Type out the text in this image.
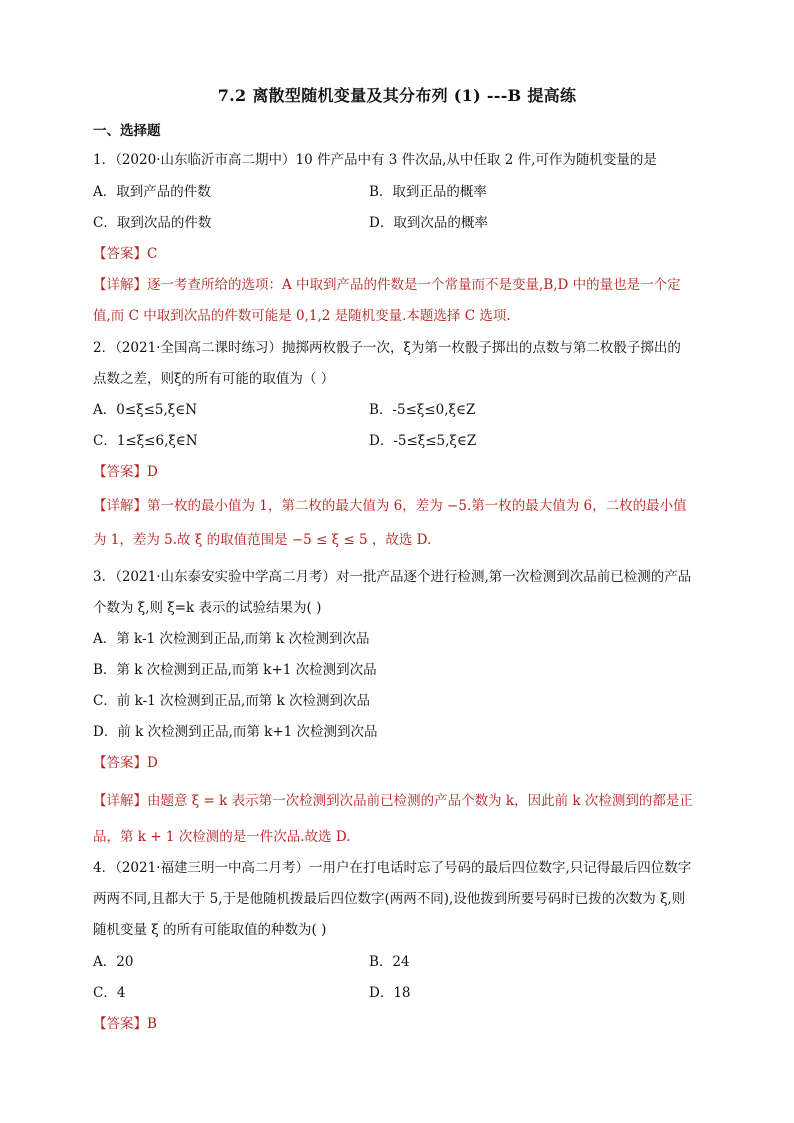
7.2 离散型随机变量及其分布列 (1) ---B 提高练
一、选择题
1．（2020·山东临沂市高二期中）10 件产品中有 3 件次品,从中任取 2 件,可作为随机变量的是
A．取到产品的件数	B．取到正品的概率
C．取到次品的件数	D．取到次品的概率
【答案】C
【详解】逐一考查所给的选项：A 中取到产品的件数是一个常量而不是变量,B,D 中的量也是一个定
值,而 C 中取到次品的件数可能是 0,1,2 是随机变量.本题选择 C 选项.
2．（2021·全国高二课时练习）抛掷两枚骰子一次，ξ为第一枚骰子掷出的点数与第二枚骰子掷出的
点数之差，则ξ的所有可能的取值为（ ）
A．0≤ξ≤5,ξ∈N	B．-5≤ξ≤0,ξ∈Z
C．1≤ξ≤6,ξ∈N	D．-5≤ξ≤5,ξ∈Z
【答案】D
【详解】第一枚的最小值为 1，第二枚的最大值为 6，差为 −5.第一枚的最大值为 6，二枚的最小值
为 1，差为 5.故 ξ 的取值范围是 −5 ≤ ξ ≤ 5 ，故选 D.
3．（2021·山东泰安实验中学高二月考）对一批产品逐个进行检测,第一次检测到次品前已检测的产品
个数为 ξ,则 ξ=k 表示的试验结果为( )
A．第 k-1 次检测到正品,而第 k 次检测到次品
B．第 k 次检测到正品,而第 k+1 次检测到次品
C．前 k-1 次检测到正品,而第 k 次检测到次品
D．前 k 次检测到正品,而第 k+1 次检测到次品
【答案】D
【详解】由题意 ξ = k 表示第一次检测到次品前已检测的产品个数为 k，因此前 k 次检测到的都是正
品，第 k + 1 次检测的是一件次品.故选 D.
4．（2021·福建三明一中高二月考）一用户在打电话时忘了号码的最后四位数字,只记得最后四位数字
两两不同,且都大于 5,于是他随机拨最后四位数字(两两不同),设他拨到所要号码时已拨的次数为 ξ,则
随机变量 ξ 的所有可能取值的种数为( )
A．20	B．24
C．4	D．18
【答案】B
